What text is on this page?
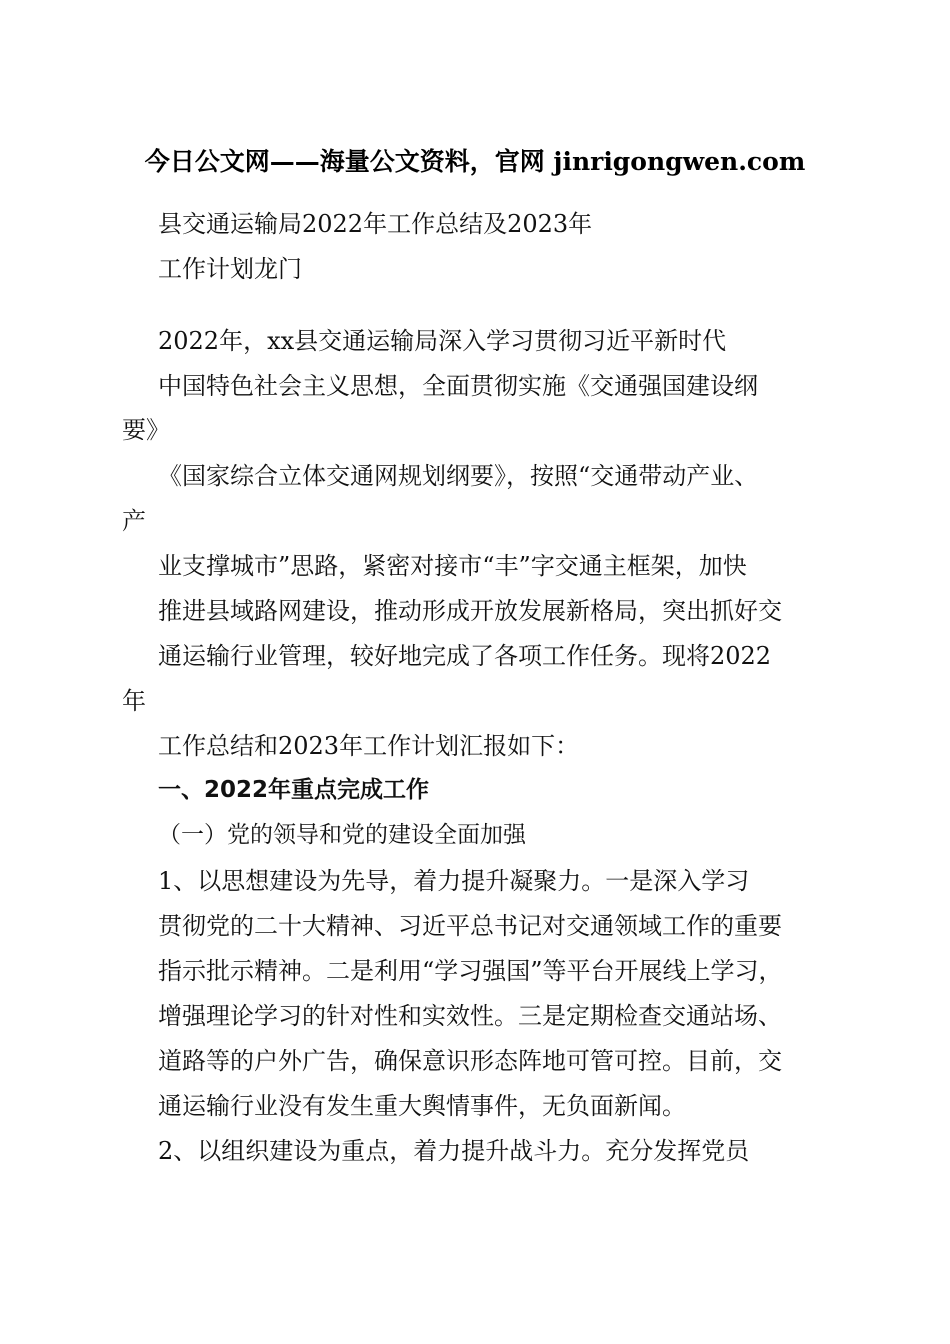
今日公文网——海量公文资料，官网 jinrigongwen.com
县交通运输局2022年工作总结及2023年
工作计划龙门
2022年，xx县交通运输局深入学习贯彻习近平新时代
中国特色社会主义思想，全面贯彻实施《交通强国建设纲
要》
《国家综合立体交通网规划纲要》，按照“交通带动产业、
产
业支撑城市”思路，紧密对接市“丰”字交通主框架，加快
推进县域路网建设，推动形成开放发展新格局，突出抓好交
通运输行业管理，较好地完成了各项工作任务。现将2022
年
工作总结和2023年工作计划汇报如下：
一、2022年重点完成工作
（一）党的领导和党的建设全面加强
1、以思想建设为先导，着力提升凝聚力。一是深入学习
贯彻党的二十大精神、习近平总书记对交通领域工作的重要
指示批示精神。二是利用“学习强国”等平台开展线上学习，
增强理论学习的针对性和实效性。三是定期检查交通站场、
道路等的户外广告，确保意识形态阵地可管可控。目前，交
通运输行业没有发生重大舆情事件，无负面新闻。
2、以组织建设为重点，着力提升战斗力。充分发挥党员
